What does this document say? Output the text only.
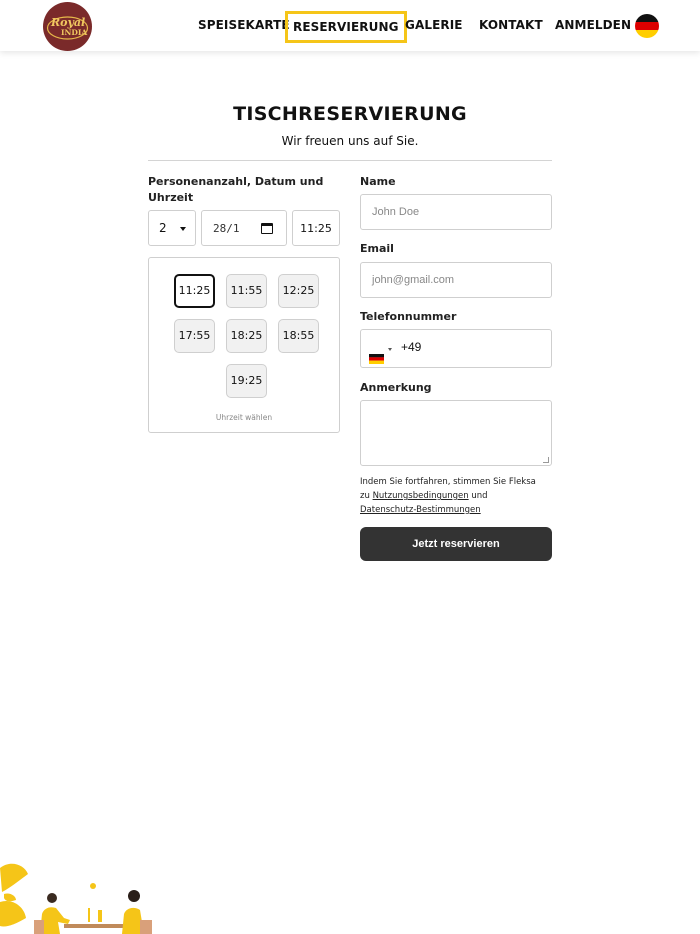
Royal
INDIA
SPEISEKARTE RESERVIERUNG GALERIE KONTAKT ANMELDEN
TISCHRESERVIERUNG
Wir freuen uns auf Sie.
Personenanzahl, Datum und
Uhrzeit
2	28/1	11:25
11:25	11:55	12:25
17:55	18:25	18:55
19:25
Uhrzeit wählen
Name
John Doe
Email
john@gmail.com
Telefonnummer
+49
Anmerkung
Indem Sie fortfahren, stimmen Sie Fleksa
zu Nutzungsbedingungen und
Datenschutz-Bestimmungen
Jetzt reservieren
